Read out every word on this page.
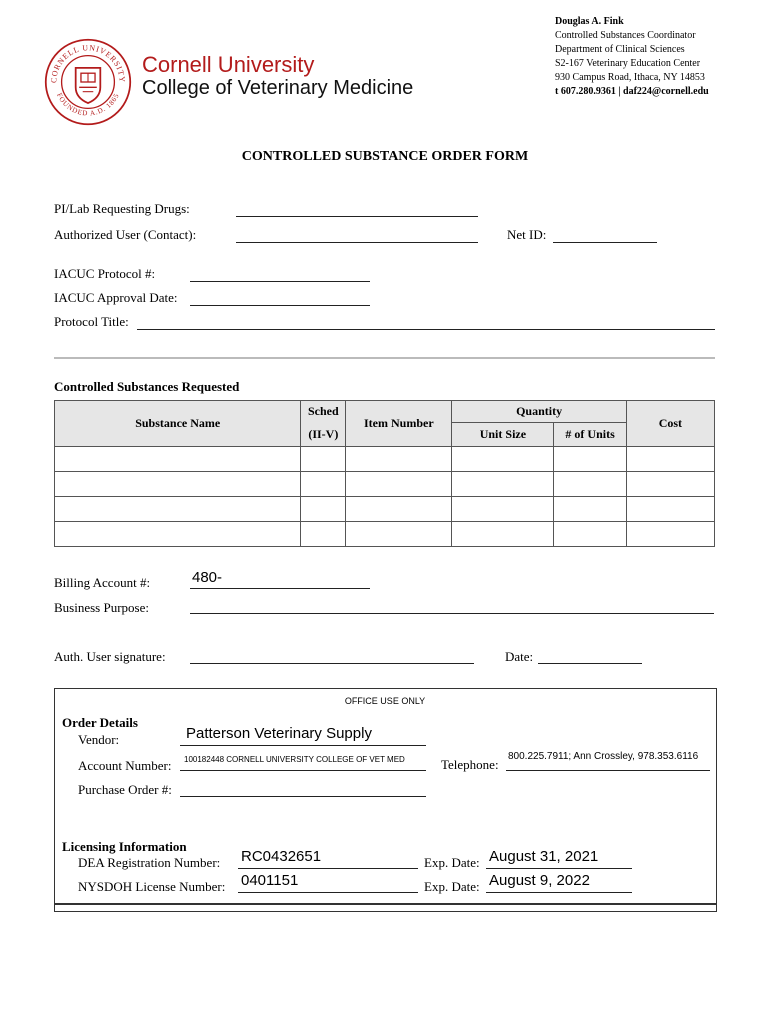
CORNELL UNIVERSITY
FOUNDED A.D. 1865
Cornell University
College of Veterinary Medicine
Douglas A. Fink
Controlled Substances Coordinator
Department of Clinical Sciences
S2-167 Veterinary Education Center
930 Campus Road, Ithaca, NY 14853
t 607.280.9361 | daf224@cornell.edu
CONTROLLED SUBSTANCE ORDER FORM
PI/Lab Requesting Drugs:
Authorized User (Contact):	Net ID:
IACUC Protocol #:
IACUC Approval Date:
Protocol Title:
Controlled Substances Requested
Substance Name	Sched	Item Number	Quantity		Cost
	(II-V)		Unit Size	# of Units	

Billing Account #:	480-
Business Purpose:
Auth. User signature:	Date:
OFFICE USE ONLY
Order Details
Vendor:	Patterson Veterinary Supply
Account Number: 100182448 CORNELL UNIVERSITY COLLEGE OF VET MED	Telephone:
800.225.7911; Ann Crossley, 978.353.6116
Purchase Order #:
Licensing Information
DEA Registration Number: RC0432651	Exp. Date: August 31, 2021
NYSDOH License Number: 0401151	Exp. Date: August 9, 2022
